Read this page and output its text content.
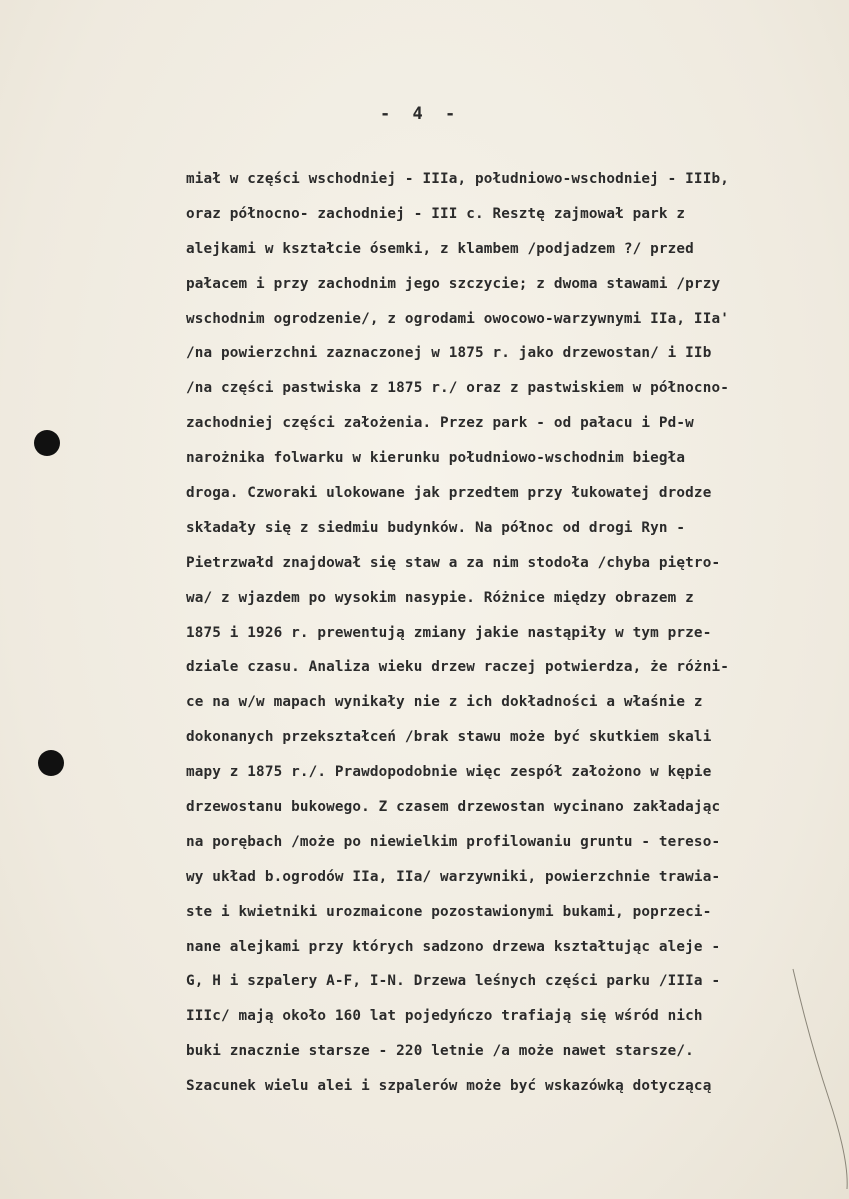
- 4 -
miał w części wschodniej - IIIa, południowo-wschodniej - IIIb,
oraz północno- zachodniej - III c. Resztę zajmował park z
alejkami w kształcie ósemki, z klambem /podjadzem ?/ przed
pałacem i przy zachodnim jego szczycie; z dwoma stawami /przy
wschodnim ogrodzenie/, z ogrodami owocowo-warzywnymi IIa, IIa'
/na powierzchni zaznaczonej w 1875 r. jako drzewostan/ i IIb
/na części pastwiska z 1875 r./ oraz z pastwiskiem w północno-
zachodniej części założenia. Przez park - od pałacu i Pd-w
narożnika folwarku w kierunku południowo-wschodnim biegła
droga. Czworaki ulokowane jak przedtem przy łukowatej drodze
składały się z siedmiu budynków. Na północ od drogi Ryn -
Pietrzwałd znajdował się staw a za nim stodoła /chyba piętro-
wa/ z wjazdem po wysokim nasypie. Różnice między obrazem z
1875 i 1926 r. prewentują zmiany jakie nastąpiły w tym prze-
dziale czasu. Analiza wieku drzew raczej potwierdza, że różni-
ce na w/w mapach wynikały nie z ich dokładności a właśnie z
dokonanych przekształceń /brak stawu może być skutkiem skali
mapy z 1875 r./. Prawdopodobnie więc zespół założono w kępie
drzewostanu bukowego. Z czasem drzewostan wycinano zakładając
na porębach /może po niewielkim profilowaniu gruntu - tereso-
wy układ b.ogrodów IIa, IIa/ warzywniki, powierzchnie trawia-
ste i kwietniki urozmaicone pozostawionymi bukami, poprzeci-
nane alejkami przy których sadzono drzewa kształtując aleje -
G, H i szpalery A-F, I-N. Drzewa leśnych części parku /IIIa -
IIIc/ mają około 160 lat pojedyńczo trafiają się wśród nich
buki znacznie starsze - 220 letnie /a może nawet starsze/.
Szacunek wielu alei i szpalerów może być wskazówką dotyczącą
